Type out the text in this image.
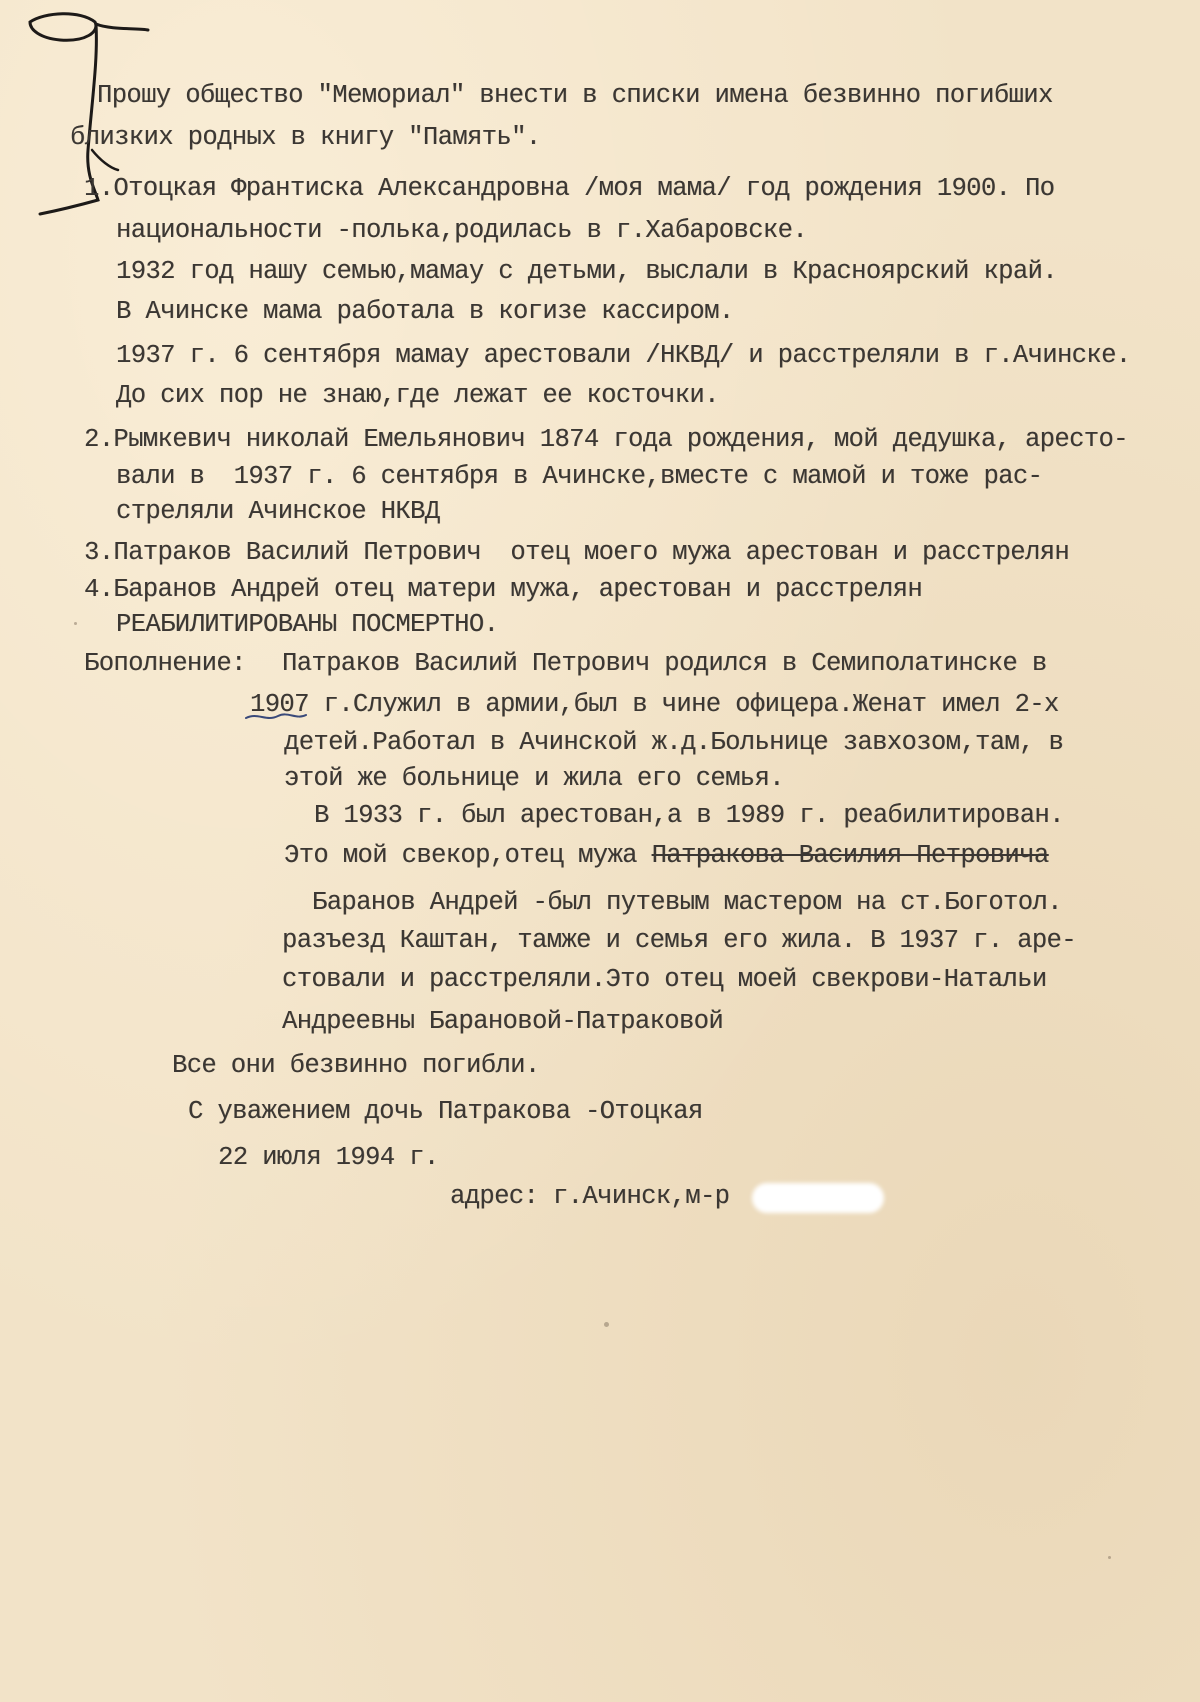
Прошу общество "Мемориал" внести в списки имена безвинно погибших
близких родных в книгу "Память".
1.Отоцкая Франтиска Александровна /моя мама/ год рождения 1900. По
национальности -полька,родилась в г.Хабаровске.
1932 год нашу семью,мамау с детьми, выслали в Красноярский край.
В Ачинске мама работала в когизе кассиром.
1937 г. 6 сентября мамау арестовали /НКВД/ и расстреляли в г.Ачинске.
До сих пор не знаю,где лежат ее косточки.
2.Рымкевич николай Емельянович 1874 года рождения, мой дедушка, аресто-
вали в  1937 г. 6 сентября в Ачинске,вместе с мамой и тоже рас-
стреляли Ачинское НКВД
3.Патраков Василий Петрович  отец моего мужа арестован и расстрелян
4.Баранов Андрей отец матери мужа, арестован и расстрелян
РЕАБИЛИТИРОВАНЫ ПОСМЕРТНО.
Бополнение: Патраков Василий Петрович родился в Семиполатинске в
1907 г.Служил в армии,был в чине офицера.Женат имел 2-х
детей.Работал в Ачинской ж.д.Больнице завхозом,там, в
этой же больнице и жила его семья.
В 1933 г. был арестован,а в 1989 г. реабилитирован.
Это мой свекор,отец мужа Патракова Василия Петровича
Баранов Андрей -был путевым мастером на ст.Боготол.
разъезд Каштан, тамже и семья его жила. В 1937 г. аре-
стовали и расстреляли.Это отец моей свекрови-Натальи
Андреевны Барановой-Патраковой
Все они безвинно погибли.
С уважением дочь Патракова -Отоцкая
22 июля 1994 г.
адрес: г.Ачинск,м-р
